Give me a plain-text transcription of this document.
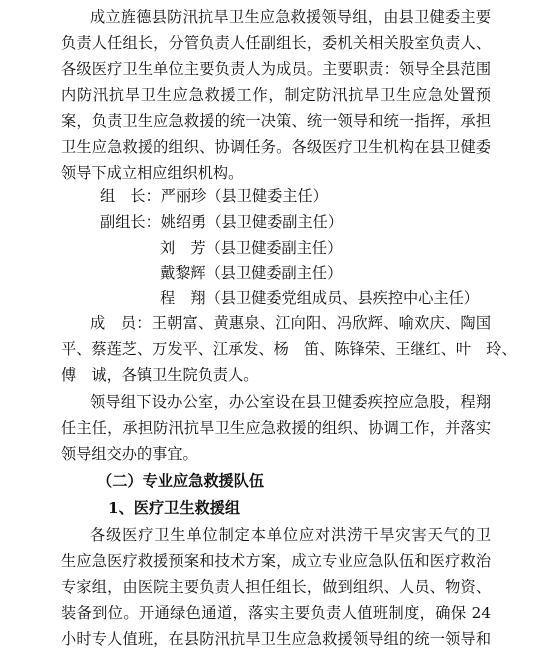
成立旌德县防汛抗旱卫生应急救援领导组，由县卫健委主要
负责人任组长，分管负责人任副组长，委机关相关股室负责人、
各级医疗卫生单位主要负责人为成员。主要职责：领导全县范围
内防汛抗旱卫生应急救援工作，制定防汛抗旱卫生应急处置预
案，负责卫生应急救援的统一决策、统一领导和统一指挥，承担
卫生应急救援的组织、协调任务。各级医疗卫生机构在县卫健委
领导下成立相应组织机构。
组　长：严丽珍（县卫健委主任）
副组长：姚绍勇（县卫健委副主任）
刘　芳（县卫健委副主任）
戴黎辉（县卫健委副主任）
程　翔（县卫健委党组成员、县疾控中心主任）
成　员：王朝富、黄惠泉、江向阳、冯欣辉、喻欢庆、陶国
平、蔡莲芝、万发平、江承发、杨　笛、陈锋荣、王继红、叶　玲、
傅　诚，各镇卫生院负责人。
领导组下设办公室，办公室设在县卫健委疾控应急股，程翔
任主任，承担防汛抗旱卫生应急救援的组织、协调工作，并落实
领导组交办的事宜。
（二）专业应急救援队伍
1、医疗卫生救援组
各级医疗卫生单位制定本单位应对洪涝干旱灾害天气的卫
生应急医疗救援预案和技术方案，成立专业应急队伍和医疗救治
专家组，由医院主要负责人担任组长，做到组织、人员、物资、
装备到位。开通绿色通道，落实主要负责人值班制度，确保 24
小时专人值班，在县防汛抗旱卫生应急救援领导组的统一领导和
